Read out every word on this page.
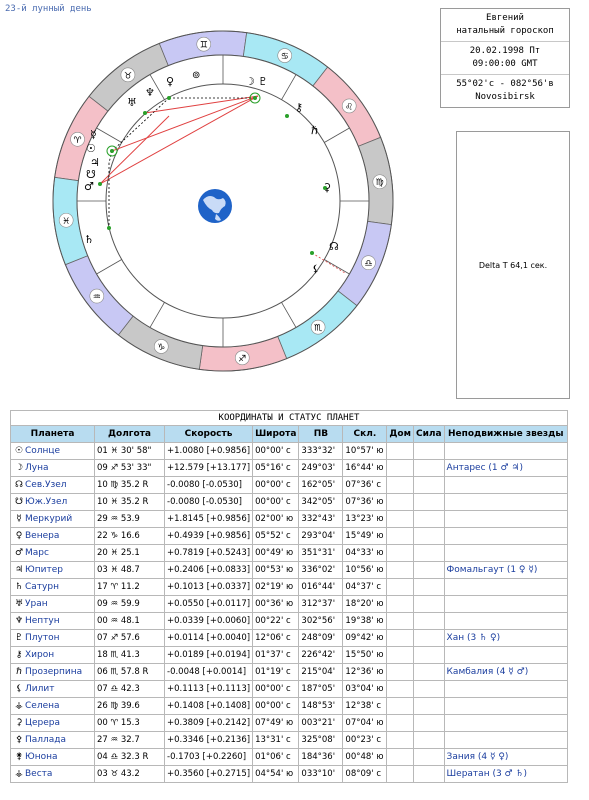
23-й лунный день
♈
♉
♊
♋
♌
♍
♎
♏
♐
♑
♒
♓
☿
☉
♃
☋
♂
♄
♅
♆
♀ ⊚	☽ ♇
⚷
ℏ
⚳
☊
⚸
Евгений
натальный гороскоп
20.02.1998 Пт
09:00:00 GMT
55°02'с - 082°56'в
Novosibirsk
Delta T 64,1 сек.
КООРДИНАТЫ И СТАТУС ПЛАНЕТ
Планета	Долгота	Скорость	Широта	ПВ	Скл.	Дом	Сила	Неподвижные звезды
☉ Солнце	01 ♓ 30' 58"	+1.0080 [+0.9856]	00°00' с	333°32'	10°57' ю			
☽ Луна	09 ♐ 53' 33"	+12.579 [+13.177]	05°16' с	249°03'	16°44' ю			Антарес (1 ♂ ♃)
☊ Сев.Узел	10 ♍ 35.2 R	-0.0080 [-0.0530]	00°00' с	162°05'	07°36' с			
☋ Юж.Узел	10 ♓ 35.2 R	-0.0080 [-0.0530]	00°00' с	342°05'	07°36' ю			
☿ Меркурий	29 ♒ 53.9	+1.8145 [+0.9856]	02°00' ю	332°43'	13°23' ю			
♀ Венера	22 ♑ 16.6	+0.4939 [+0.9856]	05°52' с	293°04'	15°49' ю			
♂ Марс	20 ♓ 25.1	+0.7819 [+0.5243]	00°49' ю	351°31'	04°33' ю			
♃ Юпитер	03 ♓ 48.7	+0.2406 [+0.0833]	00°53' ю	336°02'	10°56' ю			Фомальгаут (1 ♀ ☿)
♄ Сатурн	17 ♈ 11.2	+0.1013 [+0.0337]	02°19' ю	016°44'	04°37' с			
♅ Уран	09 ♒ 59.9	+0.0550 [+0.0117]	00°36' ю	312°37'	18°20' ю			
♆ Нептун	00 ♒ 48.1	+0.0339 [+0.0060]	00°22' с	302°56'	19°38' ю			
♇ Плутон	07 ♐ 57.6	+0.0114 [+0.0040]	12°06' с	248°09'	09°42' ю			Хан (3 ♄ ♀)
⚷ Хирон	18 ♏ 41.3	+0.0189 [+0.0194]	01°37' с	226°42'	15°50' ю			
ℏ Прозерпина	06 ♏ 57.8 R	-0.0048 [+0.0014]	01°19' с	215°04'	12°36' ю			Камбалия (4 ☿ ♂)
⚸ Лилит	07 ♎ 42.3	+0.1113 [+0.1113]	00°00' с	187°05'	03°04' ю			
⚶ Селена	26 ♍ 39.6	+0.1408 [+0.1408]	00°00' с	148°53'	12°38' с			
⚳ Церера	00 ♈ 15.3	+0.3809 [+0.2142]	07°49' ю	003°21'	07°04' ю			
⚴ Паллада	27 ♒ 32.7	+0.3346 [+0.2136]	13°31' с	325°08'	00°23' с			
⚵ Юнона	04 ♎ 32.3 R	-0.1703 [+0.2260]	01°06' с	184°36'	00°48' ю			Зания (4 ☿ ♀)
⚶ Веста	03 ♉ 43.2	+0.3560 [+0.2715]	04°54' ю	033°10'	08°09' с			Шератан (3 ♂ ♄)
